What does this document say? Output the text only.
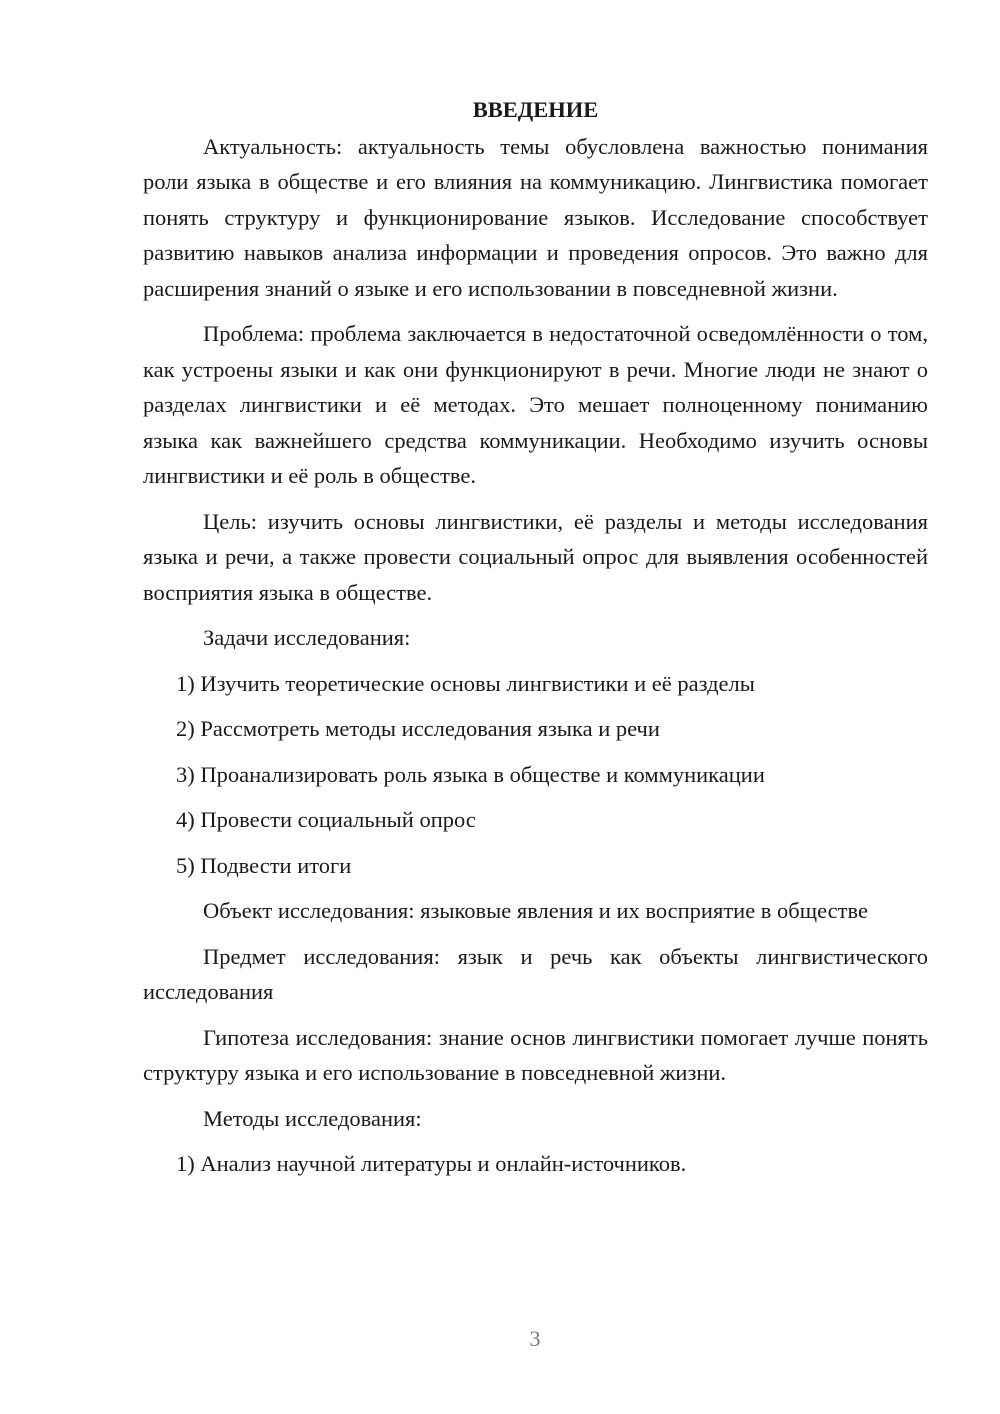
ВВЕДЕНИЕ
Актуальность: актуальность темы обусловлена важностью понимания роли языка в обществе и его влияния на коммуникацию. Лингвистика помогает понять структуру и функционирование языков. Исследование способствует развитию навыков анализа информации и проведения опросов. Это важно для расширения знаний о языке и его использовании в повседневной жизни.
Проблема: проблема заключается в недостаточной осведомлённости о том, как устроены языки и как они функционируют в речи. Многие люди не знают о разделах лингвистики и её методах. Это мешает полноценному пониманию языка как важнейшего средства коммуникации. Необходимо изучить основы лингвистики и её роль в обществе.
Цель: изучить основы лингвистики, её разделы и методы исследования языка и речи, а также провести социальный опрос для выявления особенностей восприятия языка в обществе.
Задачи исследования:
1) Изучить теоретические основы лингвистики и её разделы
2) Рассмотреть методы исследования языка и речи
3) Проанализировать роль языка в обществе и коммуникации
4) Провести социальный опрос
5) Подвести итоги
Объект исследования: языковые явления и их восприятие в обществе
Предмет исследования: язык и речь как объекты лингвистического исследования
Гипотеза исследования: знание основ лингвистики помогает лучше понять структуру языка и его использование в повседневной жизни.
Методы исследования:
1) Анализ научной литературы и онлайн-источников.
3
